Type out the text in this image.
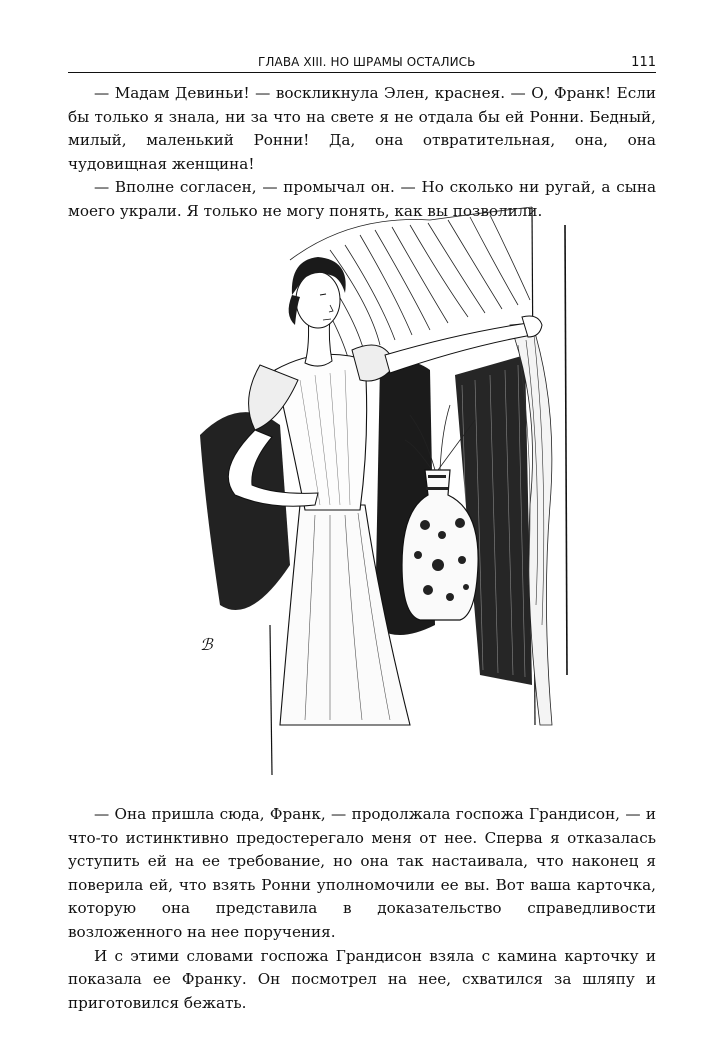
ГЛАВА XIII. НО ШРАМЫ ОСТАЛИСЬ	111

— Мадам Девиньи! — воскликнула Элен, краснея. — О, Франк! Если бы только я знала, ни за что на свете я не отдала бы ей Ронни. Бедный, милый, маленький Ронни! Да, она отвратительная, она, она чудовищная женщина!

— Вполне согласен, — промычал он. — Но сколько ни ругай, а сына моего украли. Я только не могу понять, как вы позволили.

ℬ

— Она пришла сюда, Франк, — продолжала госпожа Грандисон, — и что-то истинктивно предостерегало меня от нее. Сперва я отказалась уступить ей на ее требование, но она так настаивала, что наконец я поверила ей, что взять Ронни уполномочили ее вы. Вот ваша карточка, которую она представила в доказательство справедливости возложенного на нее поручения.

И с этими словами госпожа Грандисон взяла с камина карточку и показала ее Франку. Он посмотрел на нее, схватился за шляпу и приготовился бежать.
